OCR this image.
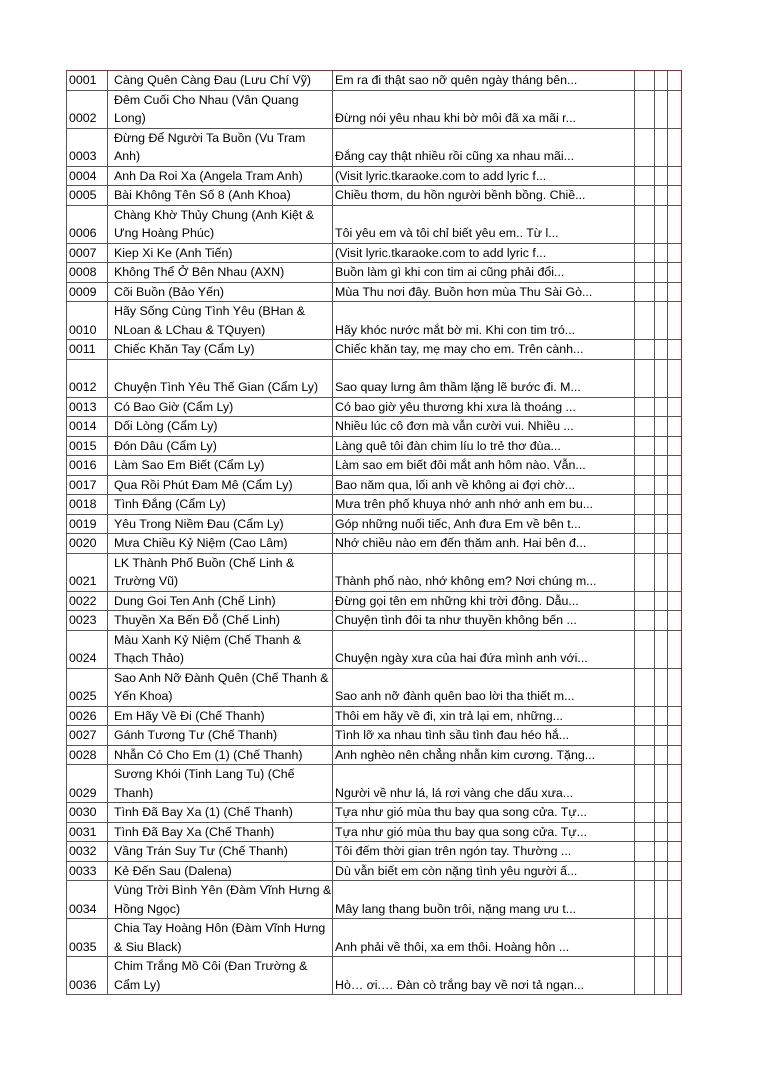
0001	Càng Quên Càng Đau (Lưu Chí Vỹ)	Em ra đi thật sao nỡ quên ngày tháng bên...			
0002	Đêm Cuối Cho Nhau (Vân Quang Long)	Đừng nói yêu nhau khi bờ môi đã xa mãi r...			
0003	Đừng Để Người Ta Buồn (Vu Tram Anh)	Đắng cay thật nhiều rồi cũng xa nhau mãi...			
0004	Anh Da Roi Xa (Angela Tram Anh)	(Visit lyric.tkaraoke.com to add lyric f...			
0005	Bài Không Tên Số 8 (Anh Khoa)	Chiều thơm, du hồn người bềnh bồng. Chiề...			
0006	Chàng Khờ Thủy Chung (Anh Kiệt & Ưng Hoàng Phúc)	Tôi yêu em và tôi chỉ biết yêu em.. Từ l...			
0007	Kiep Xi Ke (Anh Tiến)	(Visit lyric.tkaraoke.com to add lyric f...			
0008	Không Thể Ở Bên Nhau (AXN)	Buồn làm gì khi con tim ai cũng phải đổi...			
0009	Cõi Buồn (Bảo Yến)	Mùa Thu nơi đây. Buồn hơn mùa Thu Sài Gò...			
0010	Hãy Sống Cùng Tình Yêu (BHan & NLoan & LChau & TQuyen)	Hãy khóc nước mắt bờ mi. Khi con tim tró...			
0011	Chiếc Khăn Tay (Cẩm Ly)	Chiếc khăn tay, mẹ may cho em. Trên cành...			
0012	Chuyện Tình Yêu Thế Gian (Cẩm Ly)	Sao quay lưng âm thầm lặng lẽ bước đi. M...			
0013	Có Bao Giờ (Cẩm Ly)	Có bao giờ yêu thương khi xưa là thoáng ...			
0014	Dối Lòng (Cẩm Ly)	Nhiều lúc cô đơn mà vẫn cười vui. Nhiều ...			
0015	Đón Dâu (Cẩm Ly)	Làng quê tôi đàn chim líu lo trẻ thơ đùa...			
0016	Làm Sao Em Biết (Cẩm Ly)	Làm sao em biết đôi mắt anh hôm nào. Vẫn...			
0017	Qua Rồi Phút Đam Mê (Cẩm Ly)	Bao năm qua, lối anh về không ai đợi chờ...			
0018	Tình Đắng (Cẩm Ly)	Mưa trên phố khuya nhớ anh nhớ anh em bu...			
0019	Yêu Trong Niềm Đau (Cẩm Ly)	Góp những nuối tiếc, Anh đưa Em về bên t...			
0020	Mưa Chiều Kỷ Niệm (Cao Lâm)	Nhớ chiều nào em đến thăm anh. Hai bên đ...			
0021	LK Thành Phố Buồn (Chế Linh & Trường Vũ)	Thành phố nào, nhớ không em? Nơi chúng m...			
0022	Dung Goi Ten Anh (Chế Linh)	Đừng gọi tên em những khi trời đông. Dẫu...			
0023	Thuyền Xa Bến Đỗ (Chế Linh)	Chuyện tình đôi ta như thuyền không bến ...			
0024	Màu Xanh Kỷ Niệm (Chế Thanh & Thạch Thảo)	Chuyện ngày xưa của hai đứa mình anh với...			
0025	Sao Anh Nỡ Đành Quên (Chế Thanh & Yến Khoa)	Sao anh nỡ đành quên bao lời tha thiết m...			
0026	Em Hãy Về Đi (Chế Thanh)	Thôi em hãy về đi, xin trả lại em, những...			
0027	Gánh Tương Tư (Chế Thanh)	Tình lỡ xa nhau tình sầu tình đau héo hắ...			
0028	Nhẫn Cỏ Cho Em (1) (Chế Thanh)	Anh nghèo nên chẳng nhẫn kim cương. Tặng...			
0029	Sương Khói (Tinh Lang Tu) (Chế Thanh)	Người về như lá, lá rơi vàng che dấu xưa...			
0030	Tình Đã Bay Xa (1) (Chế Thanh)	Tựa như gió mùa thu bay qua song cửa. Tự...			
0031	Tình Đã Bay Xa (Chế Thanh)	Tựa như gió mùa thu bay qua song cửa. Tự...			
0032	Vầng Trán Suy Tư (Chế Thanh)	Tôi đếm thời gian trên ngón tay. Thường ...			
0033	Kẻ Đến Sau (Dalena)	Dù vẫn biết em còn nặng tình yêu người ấ...			
0034	Vùng Trời Bình Yên (Đàm Vĩnh Hưng & Hồng Ngọc)	Mây lang thang buồn trôi, nặng mang ưu t...			
0035	Chia Tay Hoàng Hôn (Đàm Vĩnh Hưng & Siu Black)	Anh phải về thôi, xa em thôi. Hoàng hôn ...			
0036	Chim Trắng Mồ Côi (Đan Trường & Cẩm Ly)	Hò… ơi.… Đàn cò trắng bay về nơi tả ngạn...			
